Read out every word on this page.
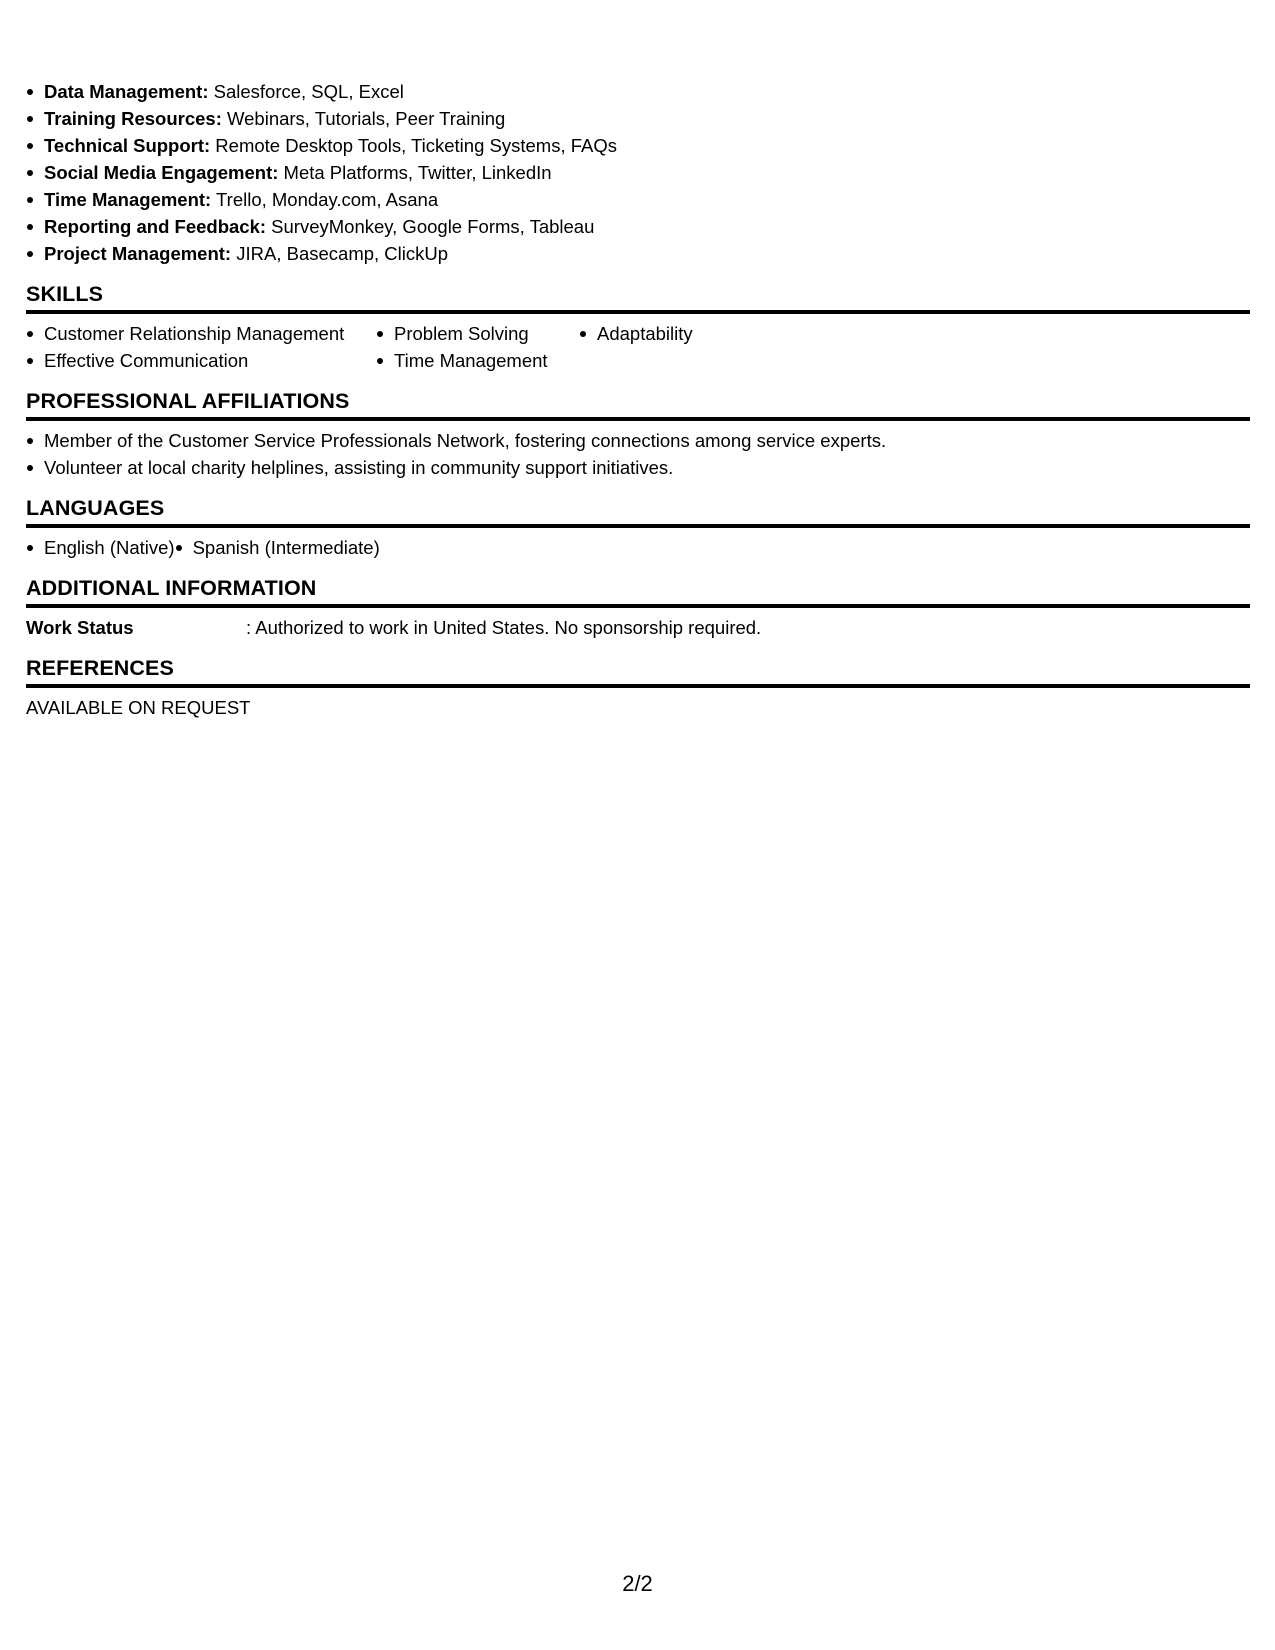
Data Management: Salesforce, SQL, Excel
Training Resources: Webinars, Tutorials, Peer Training
Technical Support: Remote Desktop Tools, Ticketing Systems, FAQs
Social Media Engagement: Meta Platforms, Twitter, LinkedIn
Time Management: Trello, Monday.com, Asana
Reporting and Feedback: SurveyMonkey, Google Forms, Tableau
Project Management: JIRA, Basecamp, ClickUp
SKILLS
Customer Relationship Management
Effective Communication
Problem Solving
Time Management
Adaptability
PROFESSIONAL AFFILIATIONS
Member of the Customer Service Professionals Network, fostering connections among service experts.
Volunteer at local charity helplines, assisting in community support initiatives.
LANGUAGES
English (Native) Spanish (Intermediate)
ADDITIONAL INFORMATION
Work Status	: Authorized to work in United States. No sponsorship required.
REFERENCES
AVAILABLE ON REQUEST
2/2
